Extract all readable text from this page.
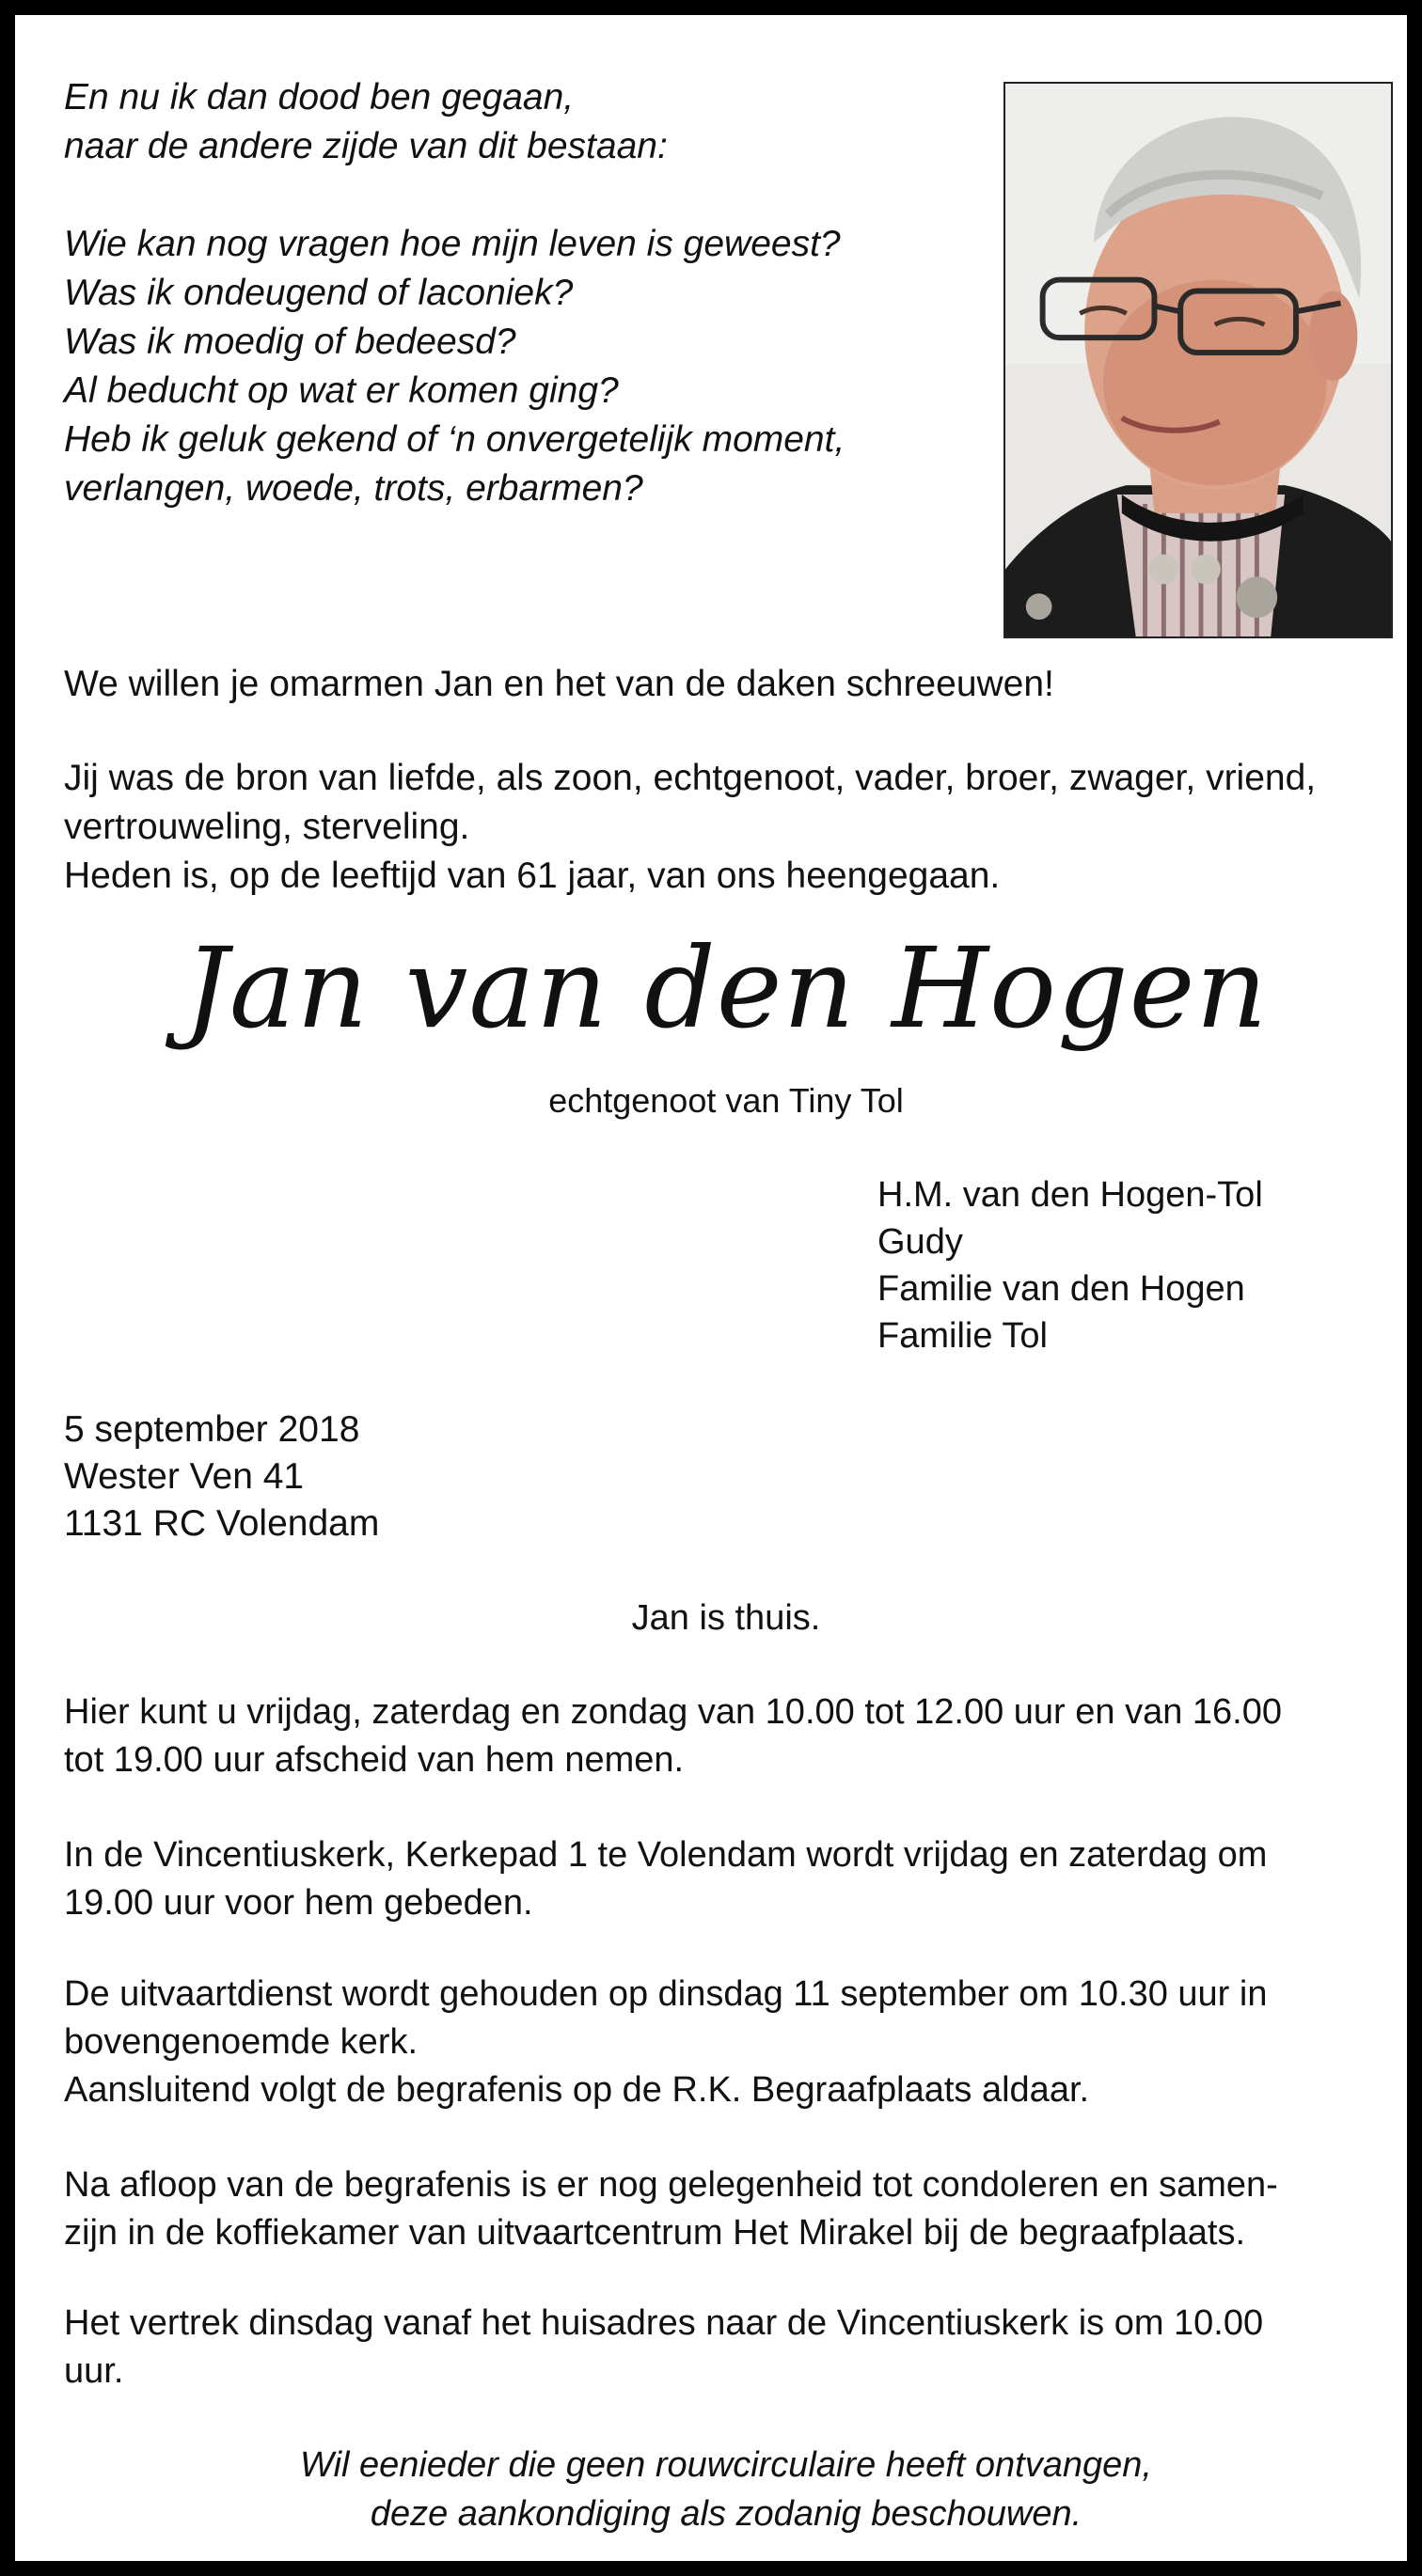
En nu ik dan dood ben gegaan,
naar de andere zijde van dit bestaan:
Wie kan nog vragen hoe mijn leven is geweest?
Was ik ondeugend of laconiek?
Was ik moedig of bedeesd?
Al beducht op wat er komen ging?
Heb ik geluk gekend of ‘n onvergetelijk moment,
verlangen, woede, trots, erbarmen?
We willen je omarmen Jan en het van de daken schreeuwen!
Jij was de bron van liefde, als zoon, echtgenoot, vader, broer, zwager, vriend,
vertrouweling, sterveling.
Heden is, op de leeftijd van 61 jaar, van ons heengegaan.
Jan van den Hogen
echtgenoot van Tiny Tol
H.M. van den Hogen-Tol
Gudy
Familie van den Hogen
Familie Tol
5 september 2018
Wester Ven 41
1131 RC Volendam
Jan is thuis.
Hier kunt u vrijdag, zaterdag en zondag van 10.00 tot 12.00 uur en van 16.00
tot 19.00 uur afscheid van hem nemen.
In de Vincentiuskerk, Kerkepad 1 te Volendam wordt vrijdag en zaterdag om
19.00 uur voor hem gebeden.
De uitvaartdienst wordt gehouden op dinsdag 11 september om 10.30 uur in
bovengenoemde kerk.
Aansluitend volgt de begrafenis op de R.K. Begraafplaats aldaar.
Na afloop van de begrafenis is er nog gelegenheid tot condoleren en samen-
zijn in de koffiekamer van uitvaartcentrum Het Mirakel bij de begraafplaats.
Het vertrek dinsdag vanaf het huisadres naar de Vincentiuskerk is om 10.00
uur.
Wil eenieder die geen rouwcirculaire heeft ontvangen,
deze aankondiging als zodanig beschouwen.
